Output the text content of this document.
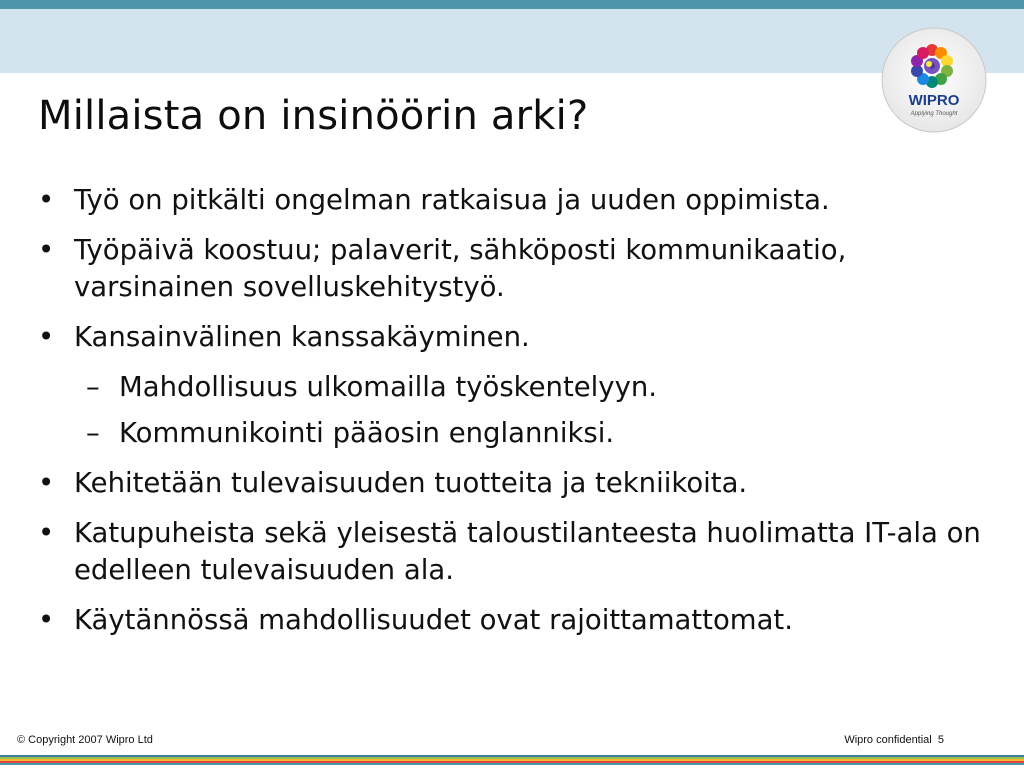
Millaista on insinöörin arki?	WIPRO
Applying Thought
• Työ on pitkälti ongelman ratkaisua ja uuden oppimista.
• Työpäivä koostuu; palaverit, sähköposti kommunikaatio, varsinainen sovelluskehitystyö.
• Kansainvälinen kanssakäyminen.
– Mahdollisuus ulkomailla työskentelyyn.
– Kommunikointi pääosin englanniksi.
• Kehitetään tulevaisuuden tuotteita ja tekniikoita.
• Katupuheista sekä yleisestä taloustilanteesta huolimatta IT-ala on edelleen tulevaisuuden ala.
• Käytännössä mahdollisuudet ovat rajoittamattomat.
© Copyright 2007 Wipro Ltd	Wipro confidential 5
